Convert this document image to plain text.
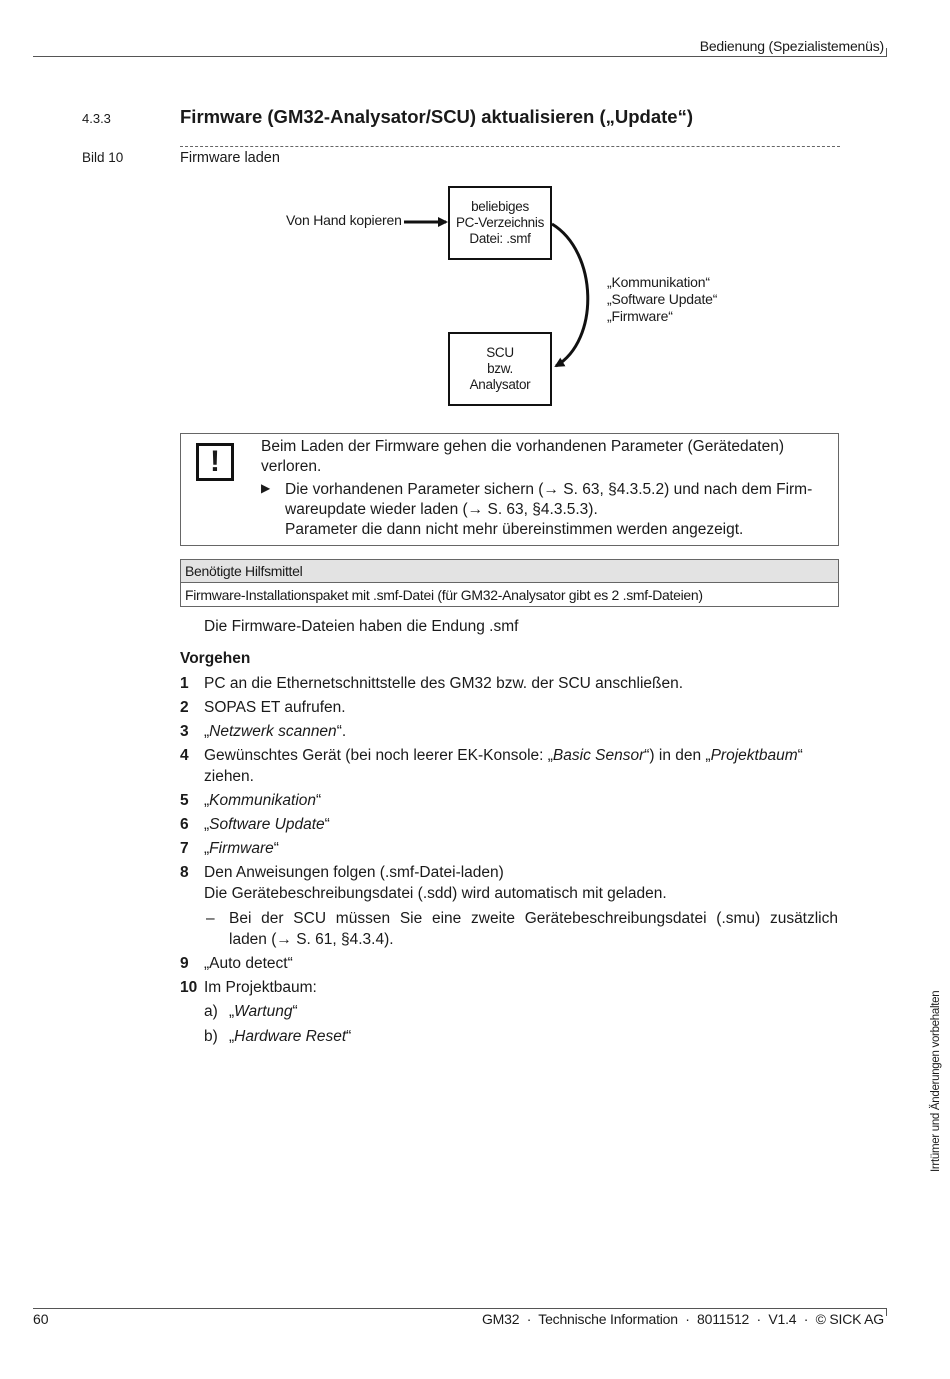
Bedienung (Spezialistemenüs)
4.3.3	Firmware (GM32-Analysator/SCU) aktualisieren („Update“)
Bild 10	Firmware laden
Von Hand kopieren
beliebiges
PC-Verzeichnis
Datei: .smf
SCU
bzw.
Analysator
„Kommunikation“
„Software Update“
„Firmware“
!	Beim Laden der Firmware gehen die vorhandenen Parameter (Gerätedaten)
verloren.
▶ Die vorhandenen Parameter sichern (→ S. 63, §4.3.5.2) und nach dem Firm-
wareupdate wieder laden (→ S. 63, §4.3.5.3).
Parameter die dann nicht mehr übereinstimmen werden angezeigt.
Benötigte Hilfsmittel
Firmware-Installationspaket mit .smf-Datei (für GM32-Analysator gibt es 2 .smf-Dateien)
Die Firmware-Dateien haben die Endung .smf
Vorgehen
1 PC an die Ethernetschnittstelle des GM32 bzw. der SCU anschließen.
2 SOPAS ET aufrufen.
3 „Netzwerk scannen“.
4 Gewünschtes Gerät (bei noch leerer EK-Konsole: „Basic Sensor“) in den „Projektbaum“
ziehen.
5 „Kommunikation“
6 „Software Update“
7 „Firmware“
8 Den Anweisungen folgen (.smf-Datei-laden)
Die Gerätebeschreibungsdatei (.sdd) wird automatisch mit geladen.
– Bei der SCU müssen Sie eine zweite Gerätebeschreibungsdatei (.smu) zusätzlich
laden (→ S. 61, §4.3.4).
9 „Auto detect“
10 Im Projektbaum:
a) „Wartung“
b) „Hardware Reset“	Irrtümer und Änderungen vorbehalten
60	GM32  ·  Technische Information  ·  8011512  ·  V1.4  ·  © SICK AG
